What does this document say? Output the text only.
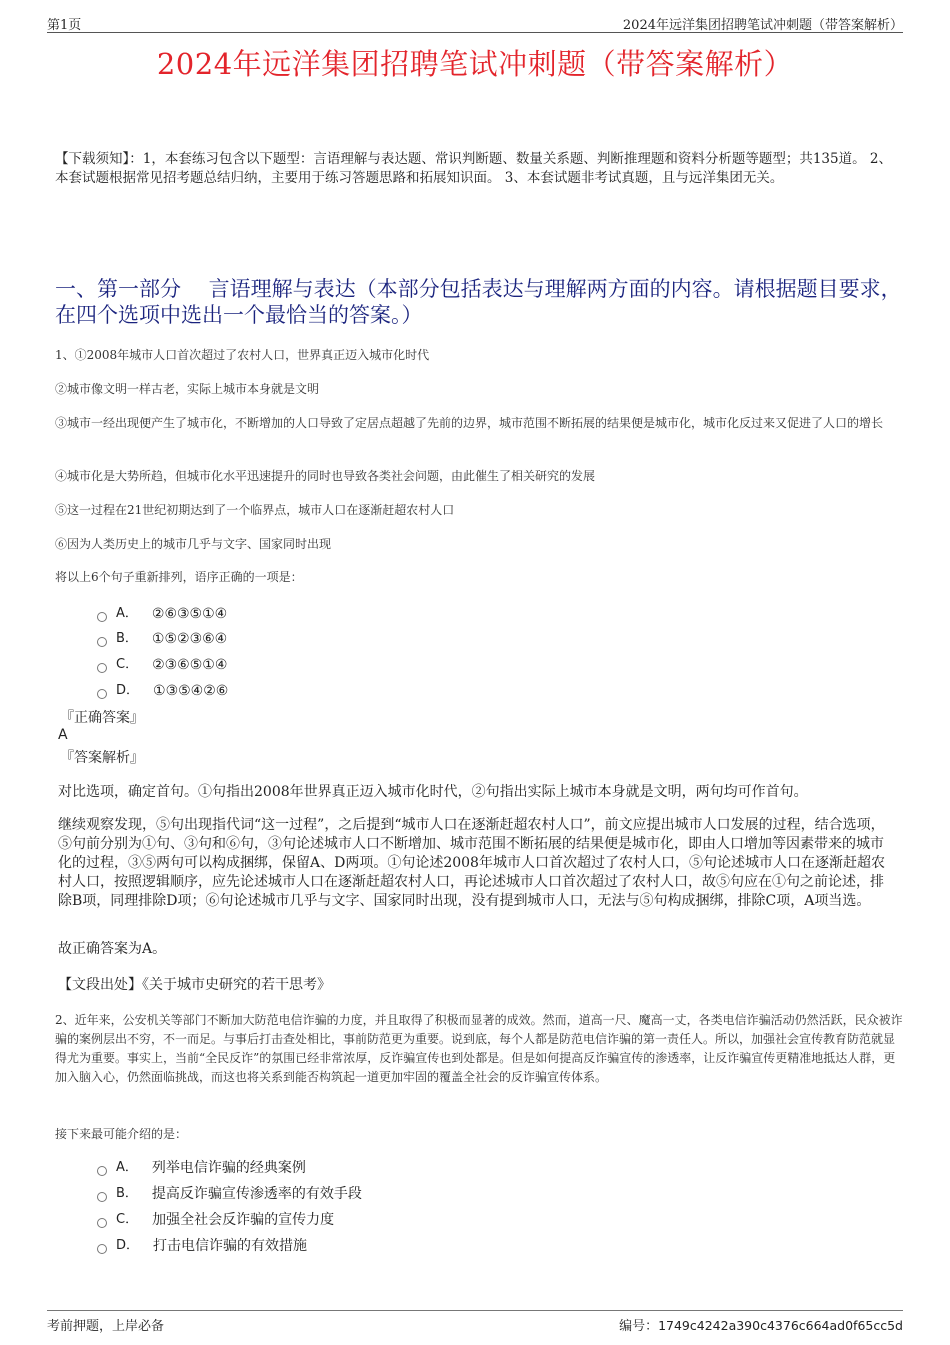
第1页	2024年远洋集团招聘笔试冲刺题（带答案解析）
2024年远洋集团招聘笔试冲刺题（带答案解析）
【下载须知】：1，本套练习包含以下题型：言语理解与表达题、常识判断题、数量关系题、判断推理题和资料分析题等题型；共135道。 2、本套试题根据常见招考题总结归纳，主要用于练习答题思路和拓展知识面。 3、本套试题非考试真题，且与远洋集团无关。
一、第一部分　 言语理解与表达（本部分包括表达与理解两方面的内容。请根据题目要求，在四个选项中选出一个最恰当的答案。）
1、①2008年城市人口首次超过了农村人口，世界真正迈入城市化时代
②城市像文明一样古老，实际上城市本身就是文明
③城市一经出现便产生了城市化，不断增加的人口导致了定居点超越了先前的边界，城市范围不断拓展的结果便是城市化，城市化反过来又促进了人口的增长
④城市化是大势所趋，但城市化水平迅速提升的同时也导致各类社会问题，由此催生了相关研究的发展
⑤这一过程在21世纪初期达到了一个临界点，城市人口在逐渐赶超农村人口
⑥因为人类历史上的城市几乎与文字、国家同时出现
将以上6个句子重新排列，语序正确的一项是：
A． ②⑥③⑤①④
B． ①⑤②③⑥④
C． ②③⑥⑤①④
D． ①③⑤④②⑥
『正确答案』
A
『答案解析』
对比选项，确定首句。①句指出2008年世界真正迈入城市化时代，②句指出实际上城市本身就是文明，两句均可作首句。
继续观察发现，⑤句出现指代词“这一过程”，之后提到“城市人口在逐渐赶超农村人口”，前文应提出城市人口发展的过程，结合选项，⑤句前分别为①句、③句和⑥句，③句论述城市人口不断增加、城市范围不断拓展的结果便是城市化，即由人口增加等因素带来的城市化的过程，③⑤两句可以构成捆绑，保留A、D两项。①句论述2008年城市人口首次超过了农村人口，⑤句论述城市人口在逐渐赶超农村人口，按照逻辑顺序，应先论述城市人口在逐渐赶超农村人口，再论述城市人口首次超过了农村人口，故⑤句应在①句之前论述，排除B项，同理排除D项；⑥句论述城市几乎与文字、国家同时出现，没有提到城市人口，无法与⑤句构成捆绑，排除C项，A项当选。
故正确答案为A。
【文段出处】《关于城市史研究的若干思考》
2、近年来，公安机关等部门不断加大防范电信诈骗的力度，并且取得了积极而显著的成效。然而，道高一尺、魔高一丈，各类电信诈骗活动仍然活跃，民众被诈骗的案例层出不穷，不一而足。与事后打击查处相比，事前防范更为重要。说到底，每个人都是防范电信诈骗的第一责任人。所以，加强社会宣传教育防范就显得尤为重要。事实上，当前“全民反诈”的氛围已经非常浓厚，反诈骗宣传也到处都是。但是如何提高反诈骗宣传的渗透率，让反诈骗宣传更精准地抵达人群，更加入脑入心，仍然面临挑战，而这也将关系到能否构筑起一道更加牢固的覆盖全社会的反诈骗宣传体系。
接下来最可能介绍的是：
A． 列举电信诈骗的经典案例
B． 提高反诈骗宣传渗透率的有效手段
C． 加强全社会反诈骗的宣传力度
D． 打击电信诈骗的有效措施
考前押题，上岸必备	编号：1749c4242a390c4376c664ad0f65cc5d
